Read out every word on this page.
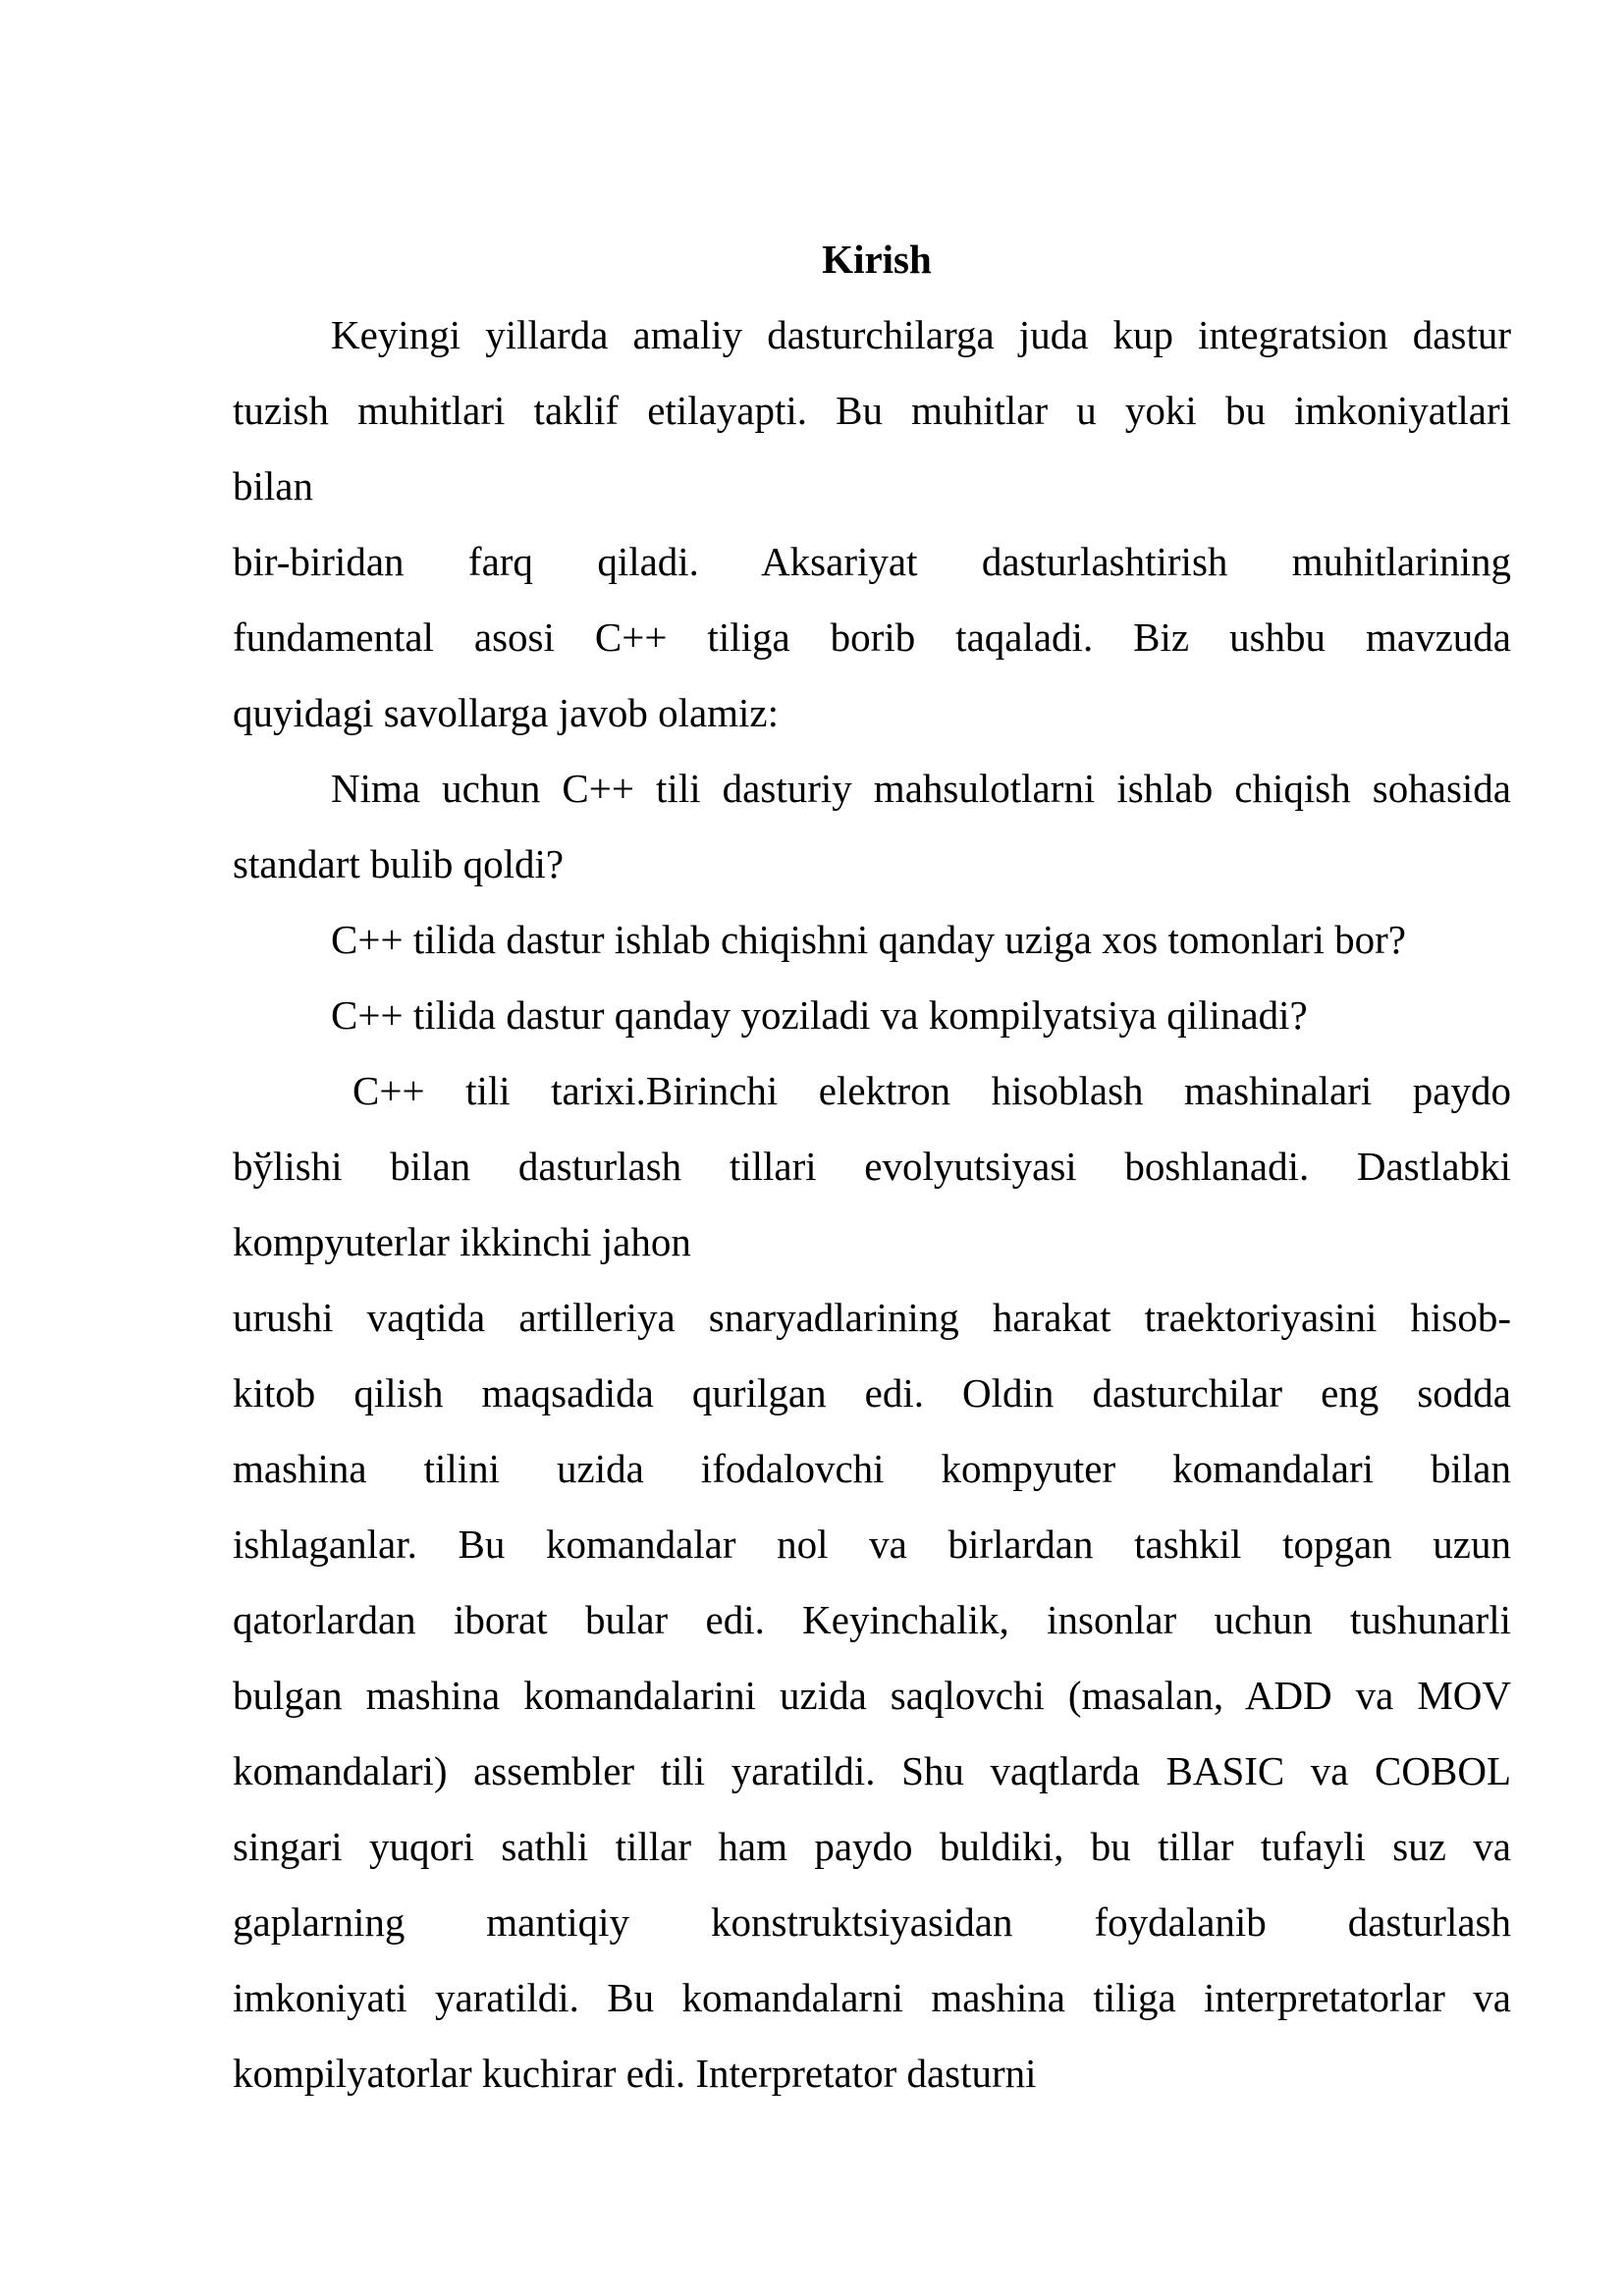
Kirish
Keyingi yillarda amaliy dasturchilarga juda kup integratsion dastur
tuzish muhitlari taklif etilayapti. Bu muhitlar u yoki bu imkoniyatlari
bilan
bir-biridan farq qiladi. Aksariyat dasturlashtirish muhitlarining
fundamental asosi C++ tiliga borib taqaladi. Biz ushbu mavzuda
quyidagi savollarga javob olamiz:
Nima uchun C++ tili dasturiy mahsulotlarni ishlab chiqish sohasida
standart bulib qoldi?
C++ tilida dastur ishlab chiqishni qanday uziga xos tomonlari bor?
C++ tilida dastur qanday yoziladi va kompilyatsiya qilinadi?
C++ tili tarixi.Birinchi elektron hisoblash mashinalari paydo
bўlishi bilan dasturlash tillari evolyutsiyasi boshlanadi. Dastlabki
kompyuterlar ikkinchi jahon
urushi vaqtida artilleriya snaryadlarining harakat traektoriyasini hisob-
kitob qilish maqsadida qurilgan edi. Oldin dasturchilar eng sodda
mashina tilini uzida ifodalovchi kompyuter komandalari bilan
ishlaganlar. Bu komandalar nol va birlardan tashkil topgan uzun
qatorlardan iborat bular edi. Keyinchalik, insonlar uchun tushunarli
bulgan mashina komandalarini uzida saqlovchi (masalan, ADD va MOV
komandalari) assembler tili yaratildi. Shu vaqtlarda BASIC va COBOL
singari yuqori sathli tillar ham paydo buldiki, bu tillar tufayli suz va
gaplarning mantiqiy konstruktsiyasidan foydalanib dasturlash
imkoniyati yaratildi. Bu komandalarni mashina tiliga interpretatorlar va
kompilyatorlar kuchirar edi. Interpretator dasturni
